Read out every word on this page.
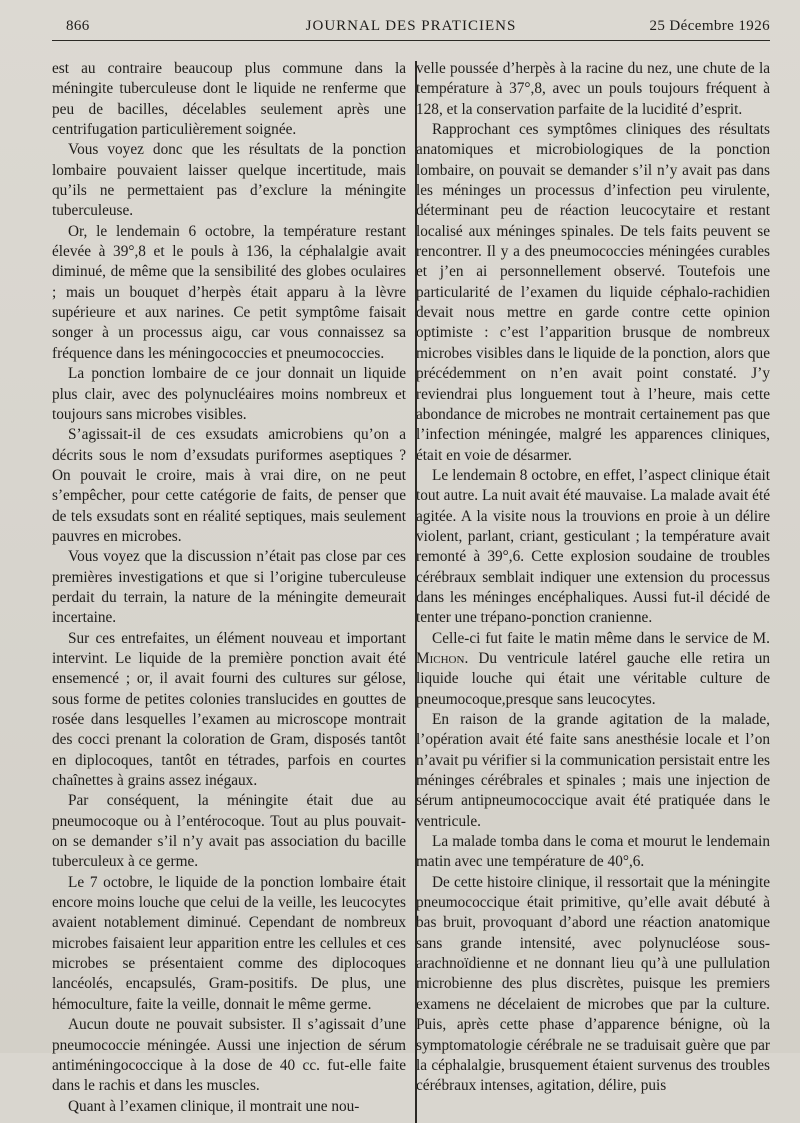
866	JOURNAL DES PRATICIENS	25 Décembre 1926

est au contraire beaucoup plus commune dans la méningite tuberculeuse dont le liquide ne renferme que peu de bacilles, décelables seulement après une centrifugation particulièrement soignée.

Vous voyez donc que les résultats de la ponction lombaire pouvaient laisser quelque incertitude, mais qu’ils ne permettaient pas d’exclure la méningite tuberculeuse.

Or, le lendemain 6 octobre, la température restant élevée à 39°,8 et le pouls à 136, la céphalalgie avait diminué, de même que la sensibilité des globes oculaires ; mais un bouquet d’herpès était apparu à la lèvre supérieure et aux narines. Ce petit symptôme faisait songer à un processus aigu, car vous connaissez sa fréquence dans les méningococcies et pneumococcies.

La ponction lombaire de ce jour donnait un liquide plus clair, avec des polynucléaires moins nombreux et toujours sans microbes visibles.

S’agissait-il de ces exsudats amicrobiens qu’on a décrits sous le nom d’exsudats puriformes aseptiques ? On pouvait le croire, mais à vrai dire, on ne peut s’empêcher, pour cette catégorie de faits, de penser que de tels exsudats sont en réalité septiques, mais seulement pauvres en microbes.

Vous voyez que la discussion n’était pas close par ces premières investigations et que si l’origine tuberculeuse perdait du terrain, la nature de la méningite demeurait incertaine.

Sur ces entrefaites, un élément nouveau et important intervint. Le liquide de la première ponction avait été ensemencé ; or, il avait fourni des cultures sur gélose, sous forme de petites colonies translucides en gouttes de rosée dans lesquelles l’examen au microscope montrait des cocci prenant la coloration de Gram, disposés tantôt en diplocoques, tantôt en tétrades, parfois en courtes chaînettes à grains assez inégaux.

Par conséquent, la méningite était due au pneumocoque ou à l’entérocoque. Tout au plus pouvait-on se demander s’il n’y avait pas association du bacille tuberculeux à ce germe.

Le 7 octobre, le liquide de la ponction lombaire était encore moins louche que celui de la veille, les leucocytes avaient notablement diminué. Cependant de nombreux microbes faisaient leur apparition entre les cellules et ces microbes se présentaient comme des diplocoques lancéolés, encapsulés, Gram-positifs. De plus, une hémoculture, faite la veille, donnait le même germe.

Aucun doute ne pouvait subsister. Il s’agissait d’une pneumococcie méningée. Aussi une injection de sérum antiméningococcique à la dose de 40 cc. fut-elle faite dans le rachis et dans les muscles.

Quant à l’examen clinique, il montrait une nou-

velle poussée d’herpès à la racine du nez, une chute de la température à 37°,8, avec un pouls toujours fréquent à 128, et la conservation parfaite de la lucidité d’esprit.

Rapprochant ces symptômes cliniques des résultats anatomiques et microbiologiques de la ponction lombaire, on pouvait se demander s’il n’y avait pas dans les méninges un processus d’infection peu virulente, déterminant peu de réaction leucocytaire et restant localisé aux méninges spinales. De tels faits peuvent se rencontrer. Il y a des pneumococcies méningées curables et j’en ai personnellement observé. Toutefois une particularité de l’examen du liquide céphalo-rachidien devait nous mettre en garde contre cette opinion optimiste : c’est l’apparition brusque de nombreux microbes visibles dans le liquide de la ponction, alors que précédemment on n’en avait point constaté. J’y reviendrai plus longuement tout à l’heure, mais cette abondance de microbes ne montrait certainement pas que l’infection méningée, malgré les apparences cliniques, était en voie de désarmer.

Le lendemain 8 octobre, en effet, l’aspect clinique était tout autre. La nuit avait été mauvaise. La malade avait été agitée. A la visite nous la trouvions en proie à un délire violent, parlant, criant, gesticulant ; la température avait remonté à 39°,6. Cette explosion soudaine de troubles cérébraux semblait indiquer une extension du processus dans les méninges encéphaliques. Aussi fut-il décidé de tenter une trépano-ponction cranienne.

Celle-ci fut faite le matin même dans le service de M. Michon. Du ventricule latérel gauche elle retira un liquide louche qui était une véritable culture de pneumocoque,presque sans leucocytes.

En raison de la grande agitation de la malade, l’opération avait été faite sans anesthésie locale et l’on n’avait pu vérifier si la communication persistait entre les méninges cérébrales et spinales ; mais une injection de sérum antipneumococcique avait été pratiquée dans le ventricule.

La malade tomba dans le coma et mourut le lendemain matin avec une température de 40°,6.

De cette histoire clinique, il ressortait que la méningite pneumococcique était primitive, qu’elle avait débuté à bas bruit, provoquant d’abord une réaction anatomique sans grande intensité, avec polynucléose sous-arachnoïdienne et ne donnant lieu qu’à une pullulation microbienne des plus discrètes, puisque les premiers examens ne décelaient de microbes que par la culture. Puis, après cette phase d’apparence bénigne, où la symptomatologie cérébrale ne se traduisait guère que par la céphalalgie, brusquement étaient survenus des troubles cérébraux intenses, agitation, délire, puis
